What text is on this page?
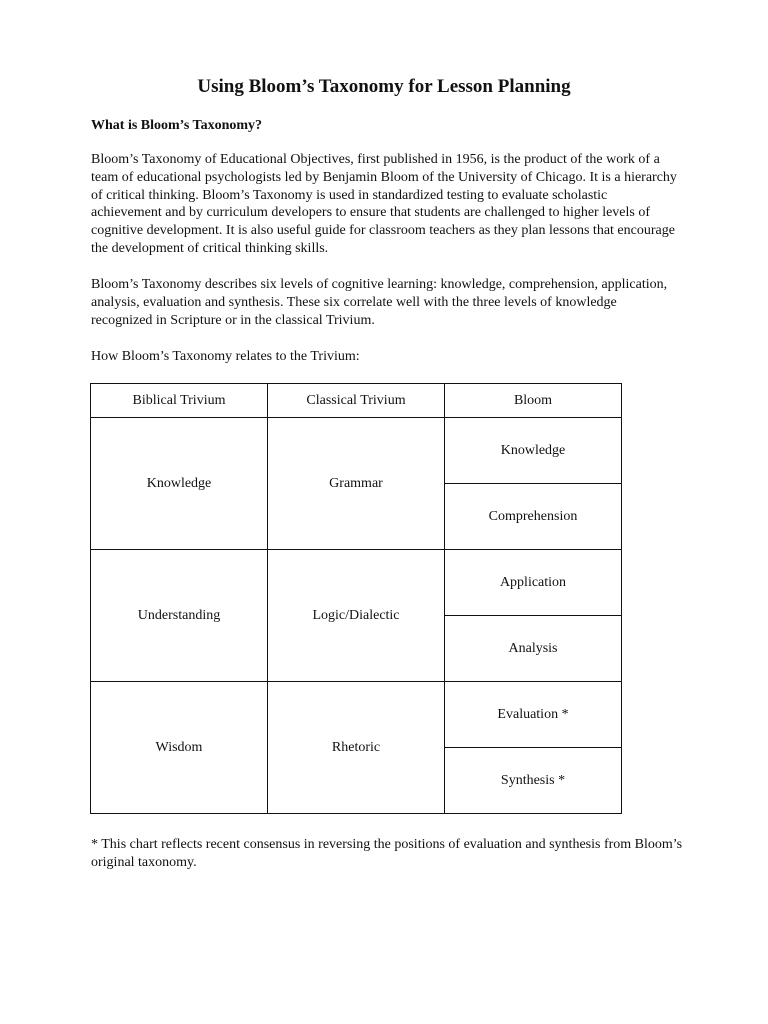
Using Bloom’s Taxonomy for Lesson Planning
What is Bloom’s Taxonomy?

Bloom’s Taxonomy of Educational Objectives, first published in 1956, is the product of the work of a team of educational psychologists led by Benjamin Bloom of the University of Chicago. It is a hierarchy of critical thinking. Bloom’s Taxonomy is used in standardized testing to evaluate scholastic achievement and by curriculum developers to ensure that students are challenged to higher levels of cognitive development. It is also useful guide for classroom teachers as they plan lessons that encourage the development of critical thinking skills.

Bloom’s Taxonomy describes six levels of cognitive learning: knowledge, comprehension, application, analysis, evaluation and synthesis. These six correlate well with the three levels of knowledge recognized in Scripture or in the classical Trivium.

How Bloom’s Taxonomy relates to the Trivium:

Biblical Trivium	Classical Trivium	Bloom
Knowledge	Grammar	Knowledge
		Comprehension
Understanding	Logic/Dialectic	Application
		Analysis
Wisdom	Rhetoric	Evaluation *
		Synthesis *

* This chart reflects recent consensus in reversing the positions of evaluation and synthesis from Bloom’s original taxonomy.
